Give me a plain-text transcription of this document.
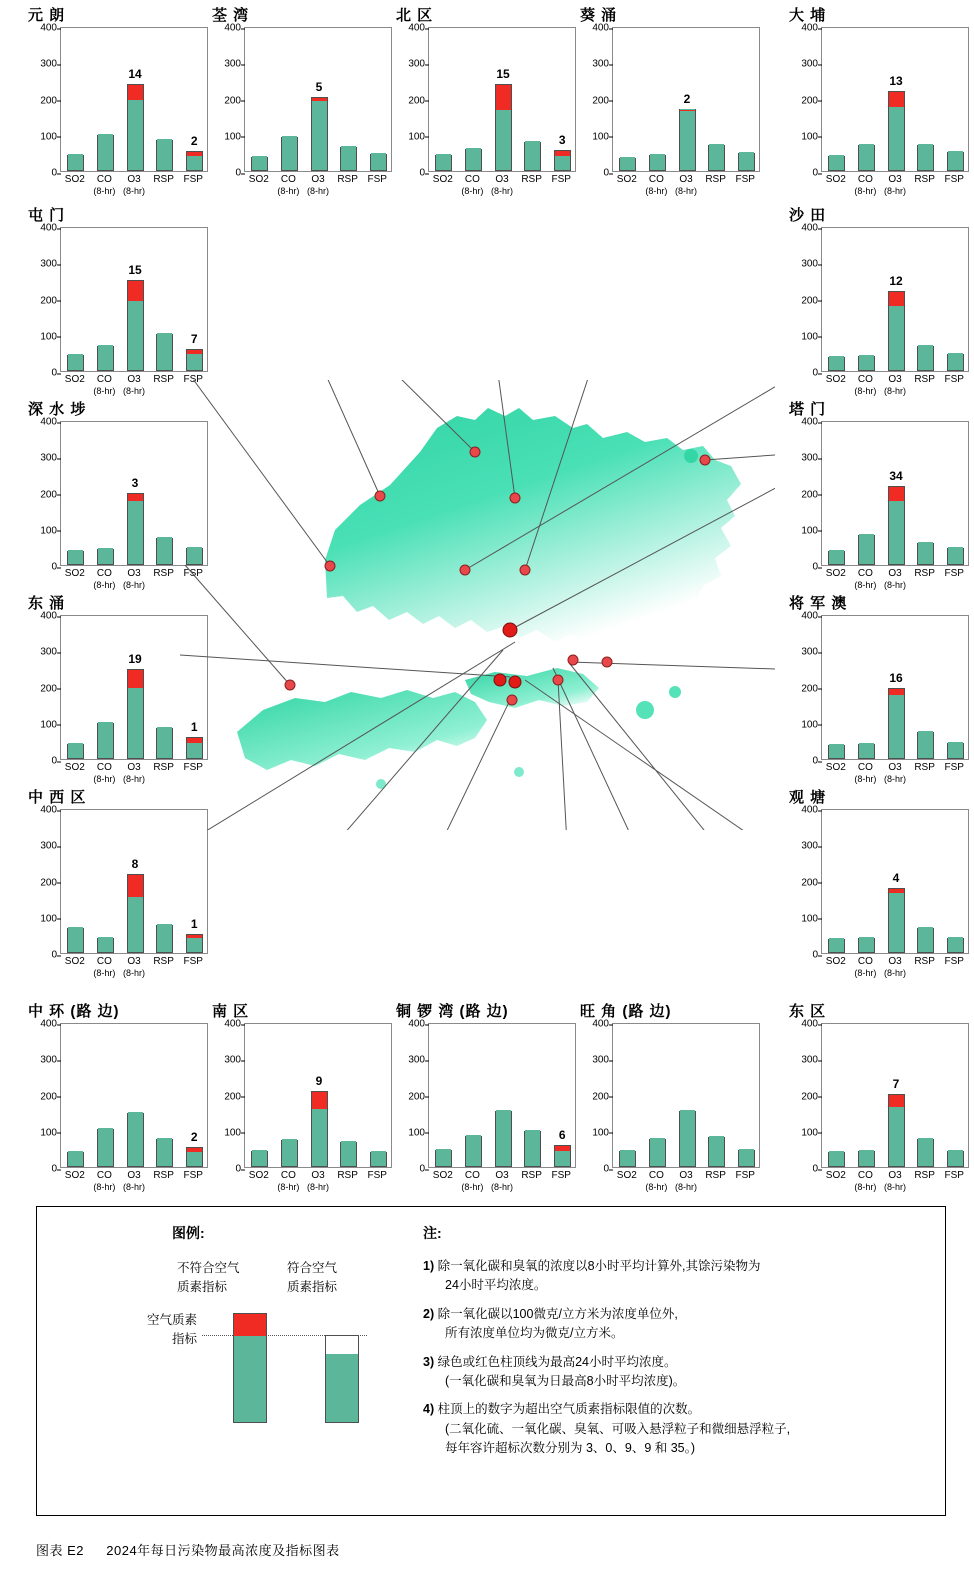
元 朗
0
100
200
300
400
14
2
SO2 CO
(8-hr)
O3
(8-hr)
RSP FSP
荃 湾
0
100
200
300
400
5
SO2 CO
(8-hr)
O3
(8-hr)
RSP FSP
北 区
0
100
200
300
400
15
3
SO2 CO
(8-hr)
O3
(8-hr)
RSP FSP
葵 涌
0
100
200
300
400
2
SO2 CO
(8-hr)
O3
(8-hr)
RSP FSP
大 埔
0
100
200
300
400
13
SO2 CO
(8-hr)
O3
(8-hr)
RSP FSP
屯 门
0
100
200
300
400
15
7
SO2 CO
(8-hr)
O3
(8-hr)
RSP FSP
沙 田
0
100
200
300
400
12
SO2 CO
(8-hr)
O3
(8-hr)
RSP FSP
深 水 埗
0
100
200
300
400
3
SO2 CO
(8-hr)
O3
(8-hr)
RSP FSP
塔 门
0
100
200
300
400
34
SO2 CO
(8-hr)
O3
(8-hr)
RSP FSP
东 涌
0
100
200
300
400
19
1
SO2 CO
(8-hr)
O3
(8-hr)
RSP FSP
将 军 澳
0
100
200
300
400
16
SO2 CO
(8-hr)
O3
(8-hr)
RSP FSP
中 西 区
0
100
200
300
400
8
1
SO2 CO
(8-hr)
O3
(8-hr)
RSP FSP
观 塘
0
100
200
300
400
4
SO2 CO
(8-hr)
O3
(8-hr)
RSP FSP
中 环 (路 边)
0
100
200
300
400
2
SO2 CO
(8-hr)
O3
(8-hr)
RSP FSP
南 区
0
100
200
300
400
9
SO2 CO
(8-hr)
O3
(8-hr)
RSP FSP
铜 锣 湾 (路 边)
0
100
200
300
400
6
SO2 CO
(8-hr)
O3
(8-hr)
RSP FSP
旺 角 (路 边)
0
100
200
300
400
SO2 CO
(8-hr)
O3
(8-hr)
RSP FSP
东 区
0
100
200
300
400
7
SO2 CO
(8-hr)
O3
(8-hr)
RSP FSP
图例:
不符合空气
质素指标
符合空气
质素指标
空气质素
指标
注:
1) 除一氧化碳和臭氧的浓度以8小时平均计算外,其馀污染物为
24小时平均浓度。
2) 除一氧化碳以100微克/立方米为浓度单位外,
所有浓度单位均为微克/立方米。
3) 绿色或红色柱顶线为最高24小时平均浓度。
(一氧化碳和臭氧为日最高8小时平均浓度)。
4) 柱顶上的数字为超出空气质素指标限值的次数。
(二氧化硫、一氧化碳、臭氧、可吸入悬浮粒子和微细悬浮粒子,
每年容许超标次数分别为 3、0、9、9 和 35。)
图表 E2 2024年每日污染物最高浓度及指标图表
